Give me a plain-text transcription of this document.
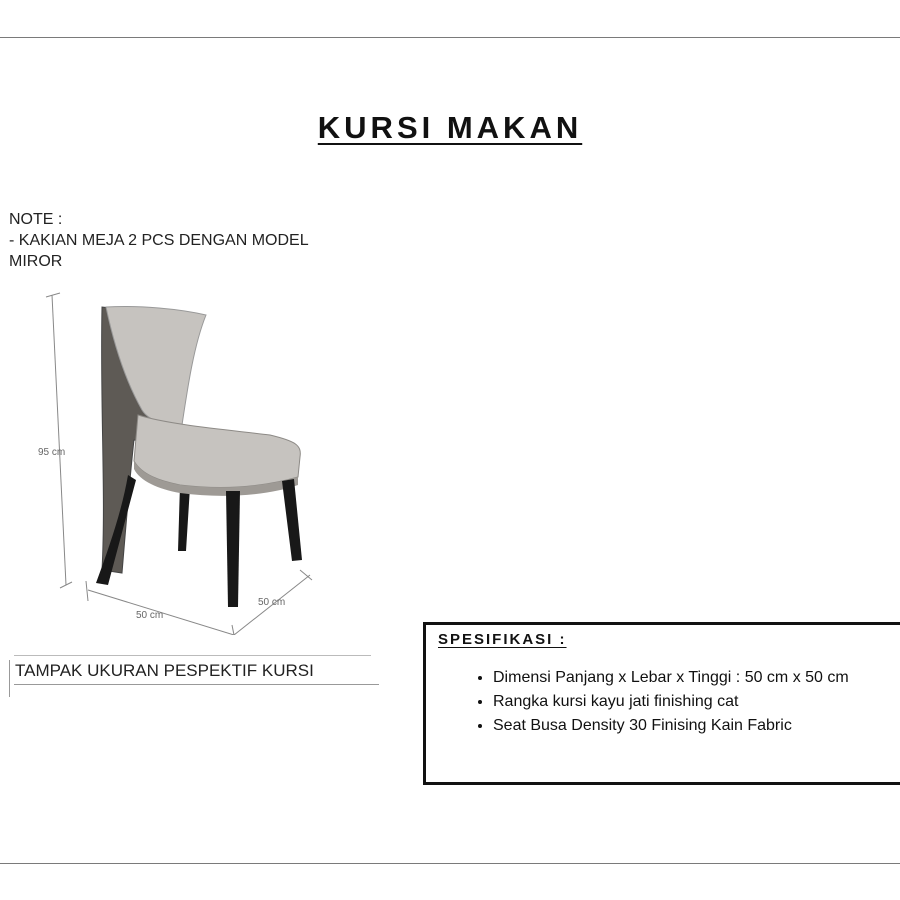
KURSI MAKAN
NOTE :
- KAKIAN MEJA 2 PCS DENGAN MODEL
MIROR
95 cm
50 cm
50 cm
TAMPAK UKURAN PESPEKTIF KURSI
SPESIFIKASI :
• Dimensi Panjang x Lebar x Tinggi : 50 cm x 50 cm
• Rangka kursi kayu jati finishing cat
• Seat Busa Density 30 Finising Kain Fabric
